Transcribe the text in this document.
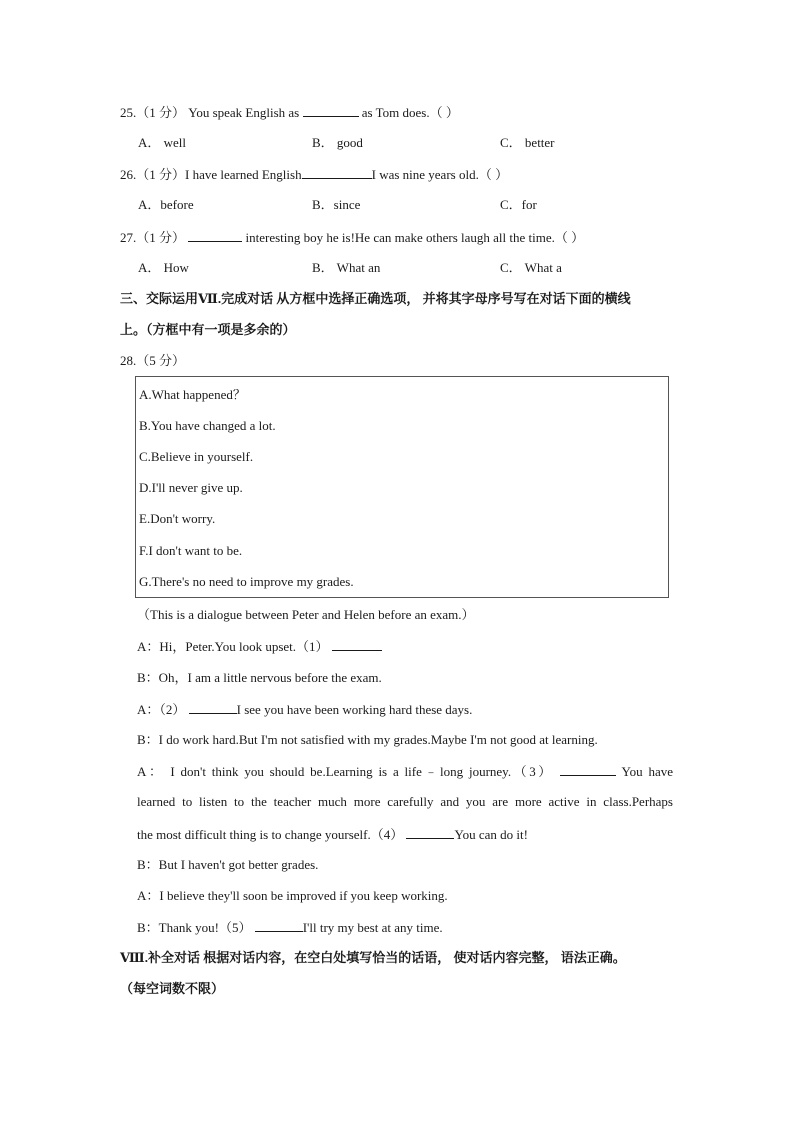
25.（1 分） You speak English as	as Tom does.（ ）
A． well	B． good	C． better
26.（1 分）I have learned English	I was nine years old.（ ）
A．before	B．since	C．for
27.（1 分）	interesting boy he is!He can make others laugh all the time.（ ）
A． How	B． What an	C． What a
三、交际运用Ⅶ.完成对话 从方框中选择正确选项， 并将其字母序号写在对话下面的横线
上。（方框中有一项是多余的）
28.（5 分）
A.What happened？
B.You have changed a lot.
C.Believe in yourself.
D.I'll never give up.
E.Don't worry.
F.I don't want to be.
G.There's no need to improve my grades.
（This is a dialogue between Peter and Helen before an exam.）
A：Hi，Peter.You look upset.（1）
B：Oh，I am a little nervous before the exam.
A：（2）	I see you have been working hard these days.
B：I do work hard.But I'm not satisfied with my grades.Maybe I'm not good at learning.
A： I don't think you should be.Learning is a life﹣long journey.（3）	You have
learned to listen to the teacher much more carefully and you are more active in class.Perhaps
the most difficult thing is to change yourself.（4）	You can do it!
B：But I haven't got better grades.
A：I believe they'll soon be improved if you keep working.
B：Thank you!（5）	I'll try my best at any time.
Ⅷ.补全对话 根据对话内容，在空白处填写恰当的话语， 使对话内容完整， 语法正确。
（每空词数不限）
